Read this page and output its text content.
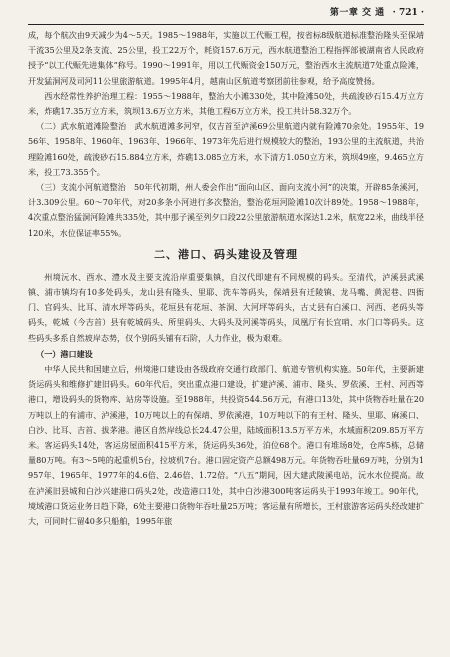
第一章 交 通 · 721 ·

成，每个航次由9天减少为4～5天。1985～1988年，实施以工代赈工程，按省标8级航道标准整治隆头至保靖干流35公里及2条支流、25公里，投工22万个，耗资157.6万元，西水航道整治工程指挥部被湖南省人民政府授予“以工代赈先进集体”称号。1990～1991年，用以工代赈资金150万元，整治西水主流航道7处重点险滩，开发猛洞河及司河11公里旅游航道。1995年4月，越南山区航道考察团前往参观，给予高度赞扬。

西水经常性养护治理工程：1955～1988年，整治大小滩330处，其中险滩50处，共疏浚砂石15.4万立方米，炸礁17.35万立方米，筑坝13.6万立方米，其他工程6万立方米，投工共计58.32万个。

（二）武水航道滩险整治　武水航道滩多河窄，仅吉首至泸溪69公里航道内就有险滩70余处。1955年、1956年、1958年、1960年、1963年、1966年、1973年先后进行规模较大的整治，193公里的主流航道，共治理险滩160处，疏浚砂石15.884立方米，炸礁13.085立方米，水下清方1.050立方米，筑坝49座，9.465立方米，投工73.355个。

（三）支流小河航道整治　50年代初期，州人委会作出“面向山区、面向支流小河”的决策，开辟85条溪河，计3.309公里。60～70年代，对20多条小河进行多次整治，整治花垣河险滩10次计89处。1958～1988年，4次重点整治猛洞河险滩共335处，其中那子溪至列夕口段22公里旅游航道水深达1.2米，航宽22米，曲线半径120米，水位保证率55%。

二、港口、码头建设及管理

州境沅水、酉水、澧水及主要支流沿岸重要集镇，自汉代即建有不同规模的码头。至清代，泸溪县武溪镇、浦市镇均有10多处码头，龙山县有隆头、里耶、洗车等码头，保靖县有迁陵镇、龙马嘴、黄泥巷、四衙门、官码头、比耳、清水坪等码头，花垣县有花垣、茶洞、大河坪等码头，古丈县有白溪口、河西、老码头等码头，乾城（今吉首）县有乾城码头、所里码头、大码头及河溪等码头，凤凰厅有长宜哨、水门口等码头。这些码头多系自然坡岸态势，仅个别码头铺有石阶，人力作业，极为艰难。

（一）港口建设

中华人民共和国建立后，州境港口建设由各级政府交通行政部门、航道专管机构实施。50年代，主要新建货运码头和维修扩建旧码头。60年代后，突出重点港口建设，扩建泸溪、浦市、隆头、罗依溪、王村、河西等港口，增设码头的货物库、站房等设施。至1988年，共投资544.56万元，有港口13处，其中货物吞吐量在20万吨以上的有浦市、泸溪港，10万吨以上的有保靖、罗依溪港，10万吨以下的有王村、隆头、里耶、麻溪口、白沙、比耳、吉首、拔茅港。港区自然岸线总长24.47公里，陆域面积13.5万平方米，水域面积209.85万平方米。客运码头14处，客运房屋面积415平方米，货运码头36处，泊位68个。港口有堆场8处，仓库5栋，总储量80万吨。有3～5吨的起重机5台，拉坡机7台。港口固定资产总额498万元。年货物吞吐量69万吨，分别为1957年、1965年、1977年的4.6倍、2.46倍、1.72倍。“八五”期间，因大建武陵溪电站，沅水水位提高。故在泸溪旧县城和白沙兴建港口码头2处，改造港口1处，其中白沙港300吨客运码头于1993年竣工。90年代，境域港口货运业务日趋下降，6处主要港口货物年吞吐量25万吨；客运量有所增长，王村旅游客运码头经改建扩大，可同时仁留40多只船舶，1995年旅
